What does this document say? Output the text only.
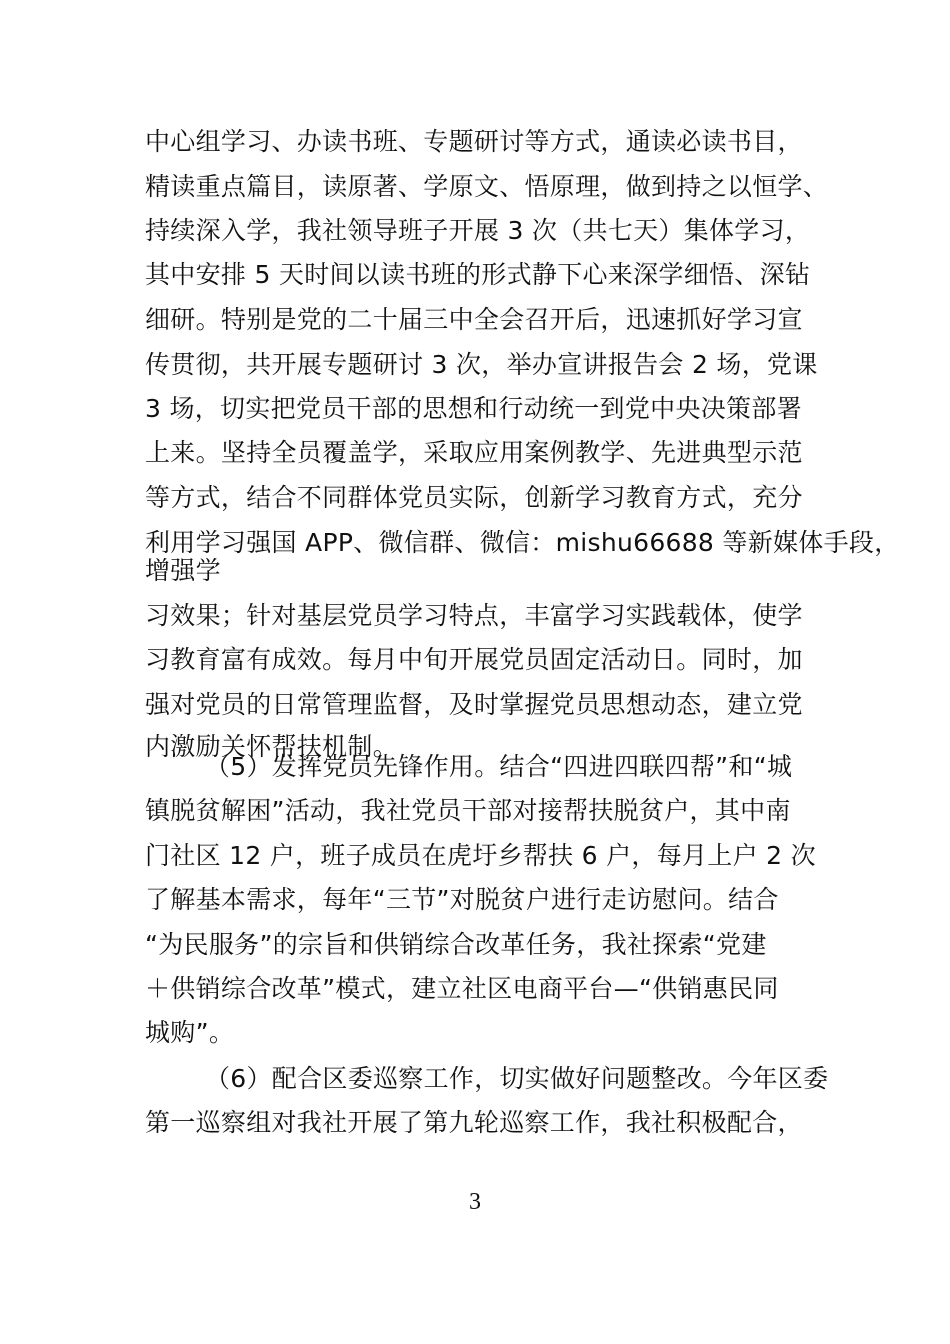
中心组学习、办读书班、专题研讨等方式，通读必读书目，
精读重点篇目，读原著、学原文、悟原理，做到持之以恒学、
持续深入学，我社领导班子开展 3 次（共七天）集体学习，
其中安排 5 天时间以读书班的形式静下心来深学细悟、深钻
细研。特别是党的二十届三中全会召开后，迅速抓好学习宣
传贯彻，共开展专题研讨 3 次，举办宣讲报告会 2 场，党课
3 场，切实把党员干部的思想和行动统一到党中央决策部署
上来。坚持全员覆盖学，采取应用案例教学、先进典型示范
等方式，结合不同群体党员实际，创新学习教育方式，充分
利用学习强国 APP、微信群、微信：mishu66688 等新媒体手段，
增强学
习效果；针对基层党员学习特点，丰富学习实践载体，使学
习教育富有成效。每月中旬开展党员固定活动日。同时，加
强对党员的日常管理监督，及时掌握党员思想动态，建立党
内激励关怀帮扶机制。
（5）发挥党员先锋作用。结合“四进四联四帮”和“城
镇脱贫解困”活动，我社党员干部对接帮扶脱贫户，其中南
门社区 12 户，班子成员在虎圩乡帮扶 6 户，每月上户 2 次
了解基本需求，每年“三节”对脱贫户进行走访慰问。结合
“为民服务”的宗旨和供销综合改革任务，我社探索“党建
＋供销综合改革”模式，建立社区电商平台—“供销惠民同
城购”。
（6）配合区委巡察工作，切实做好问题整改。今年区委
第一巡察组对我社开展了第九轮巡察工作，我社积极配合，
3
